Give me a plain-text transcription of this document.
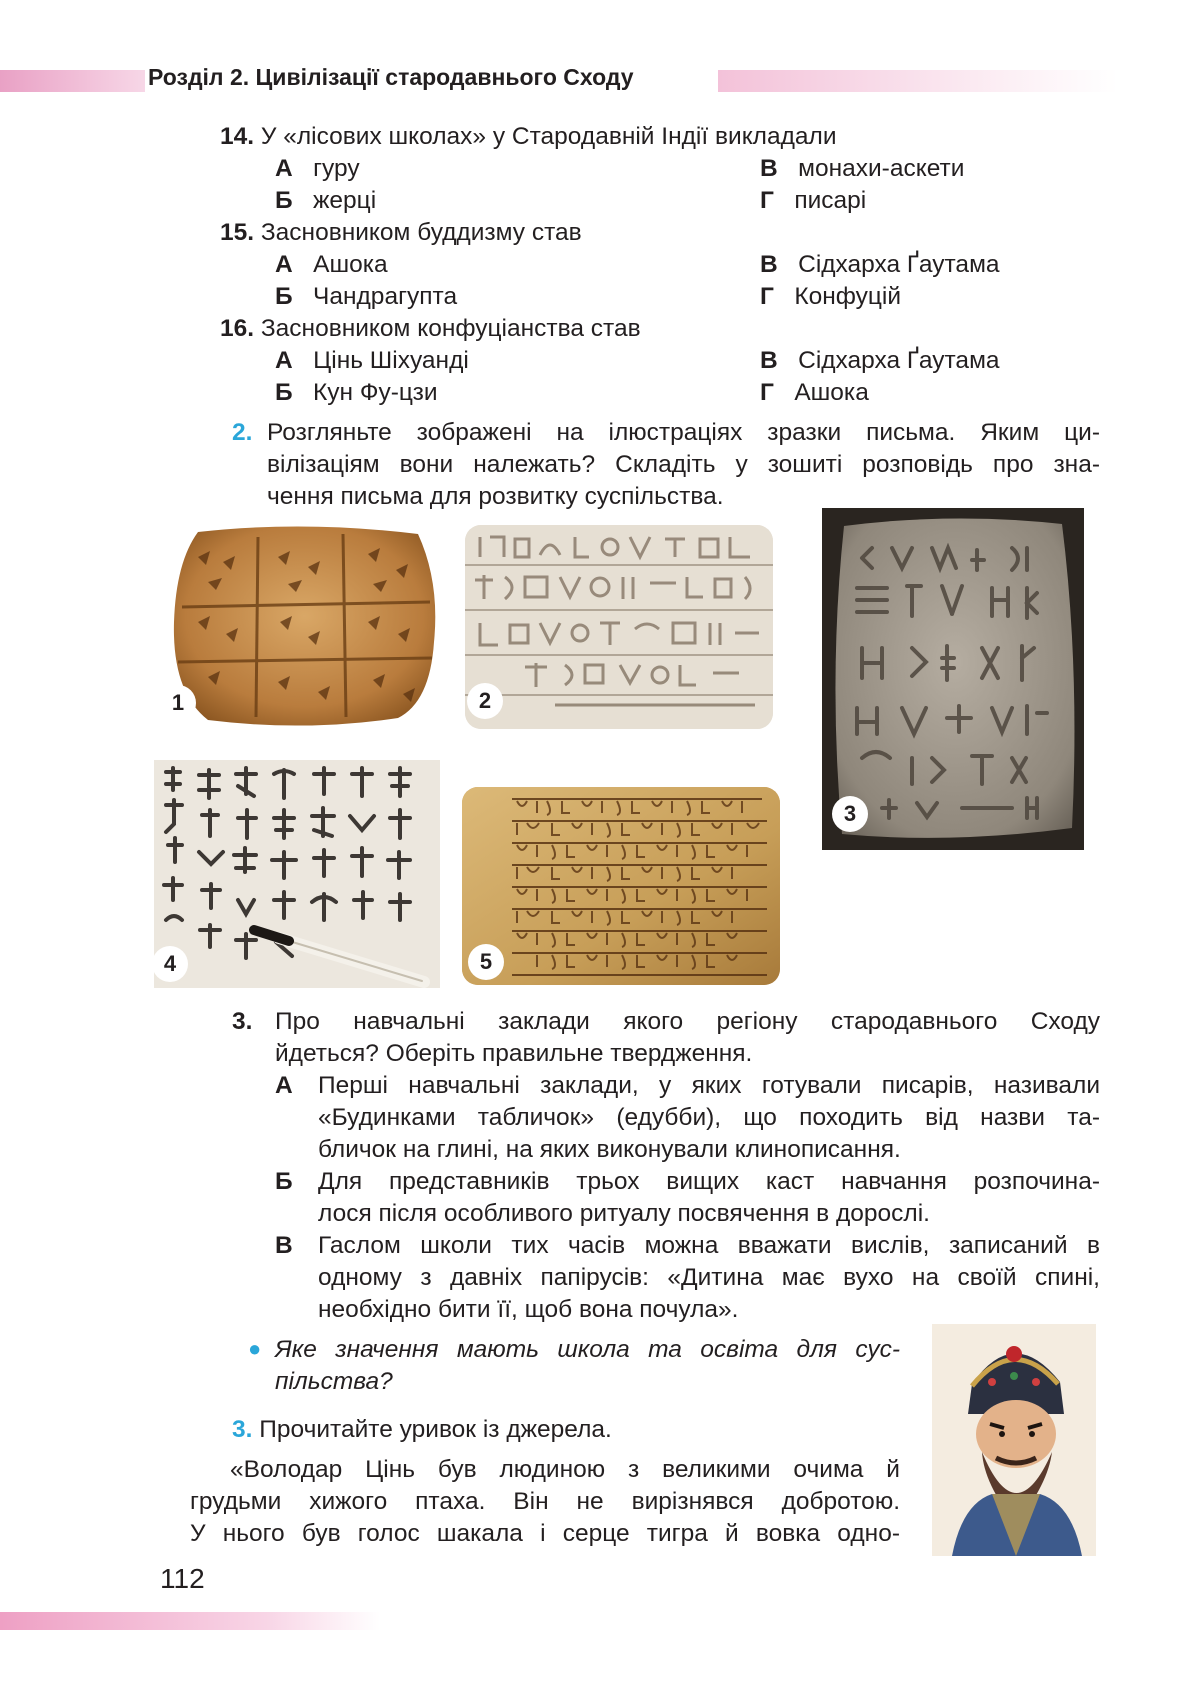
Розділ 2. Цивілізації стародавнього Сходу
14. У «лісових школах» у Стародавній Індії викладали
А гуру	В монахи-аскети
Б жерці	Г писарі
15. Засновником буддизму став
А Ашока	В Сідхарха Ґаутама
Б Чандрагупта	Г Конфуцій
16. Засновником конфуціанства став
А Цінь Шіхуанді	В Сідхарха Ґаутама
Б Кун Фу-цзи	Г Ашока
2. Розгляньте зображені на ілюстраціях зразки письма. Яким ци-
вілізаціям вони належать? Складіть у зошиті розповідь про зна-
чення письма для розвитку суспільства.
1	2
3
4	5
3. Про навчальні заклади якого регіону стародавнього Сходу
йдеться? Оберіть правильне твердження.
А Перші навчальні заклади, у яких готували писарів, називали
«Будинками табличок» (едубби), що походить від назви та-
бличок на глині, на яких виконували клинописання.
Б Для представників трьох вищих каст навчання розпочина-
лося після особливого ритуалу посвячення в дорослі.
В Гаслом школи тих часів можна вважати вислів, записаний в
одному з давніх папірусів: «Дитина має вухо на своїй спині,
необхідно бити її, щоб вона почула».
● Яке значення мають школа та освіта для сус-
пільства?
3. Прочитайте уривок із джерела.
«Володар Цінь був людиною з великими очима й
грудьми хижого птаха. Він не вирізнявся добротою.
У нього був голос шакала і серце тигра й вовка одно-
112
